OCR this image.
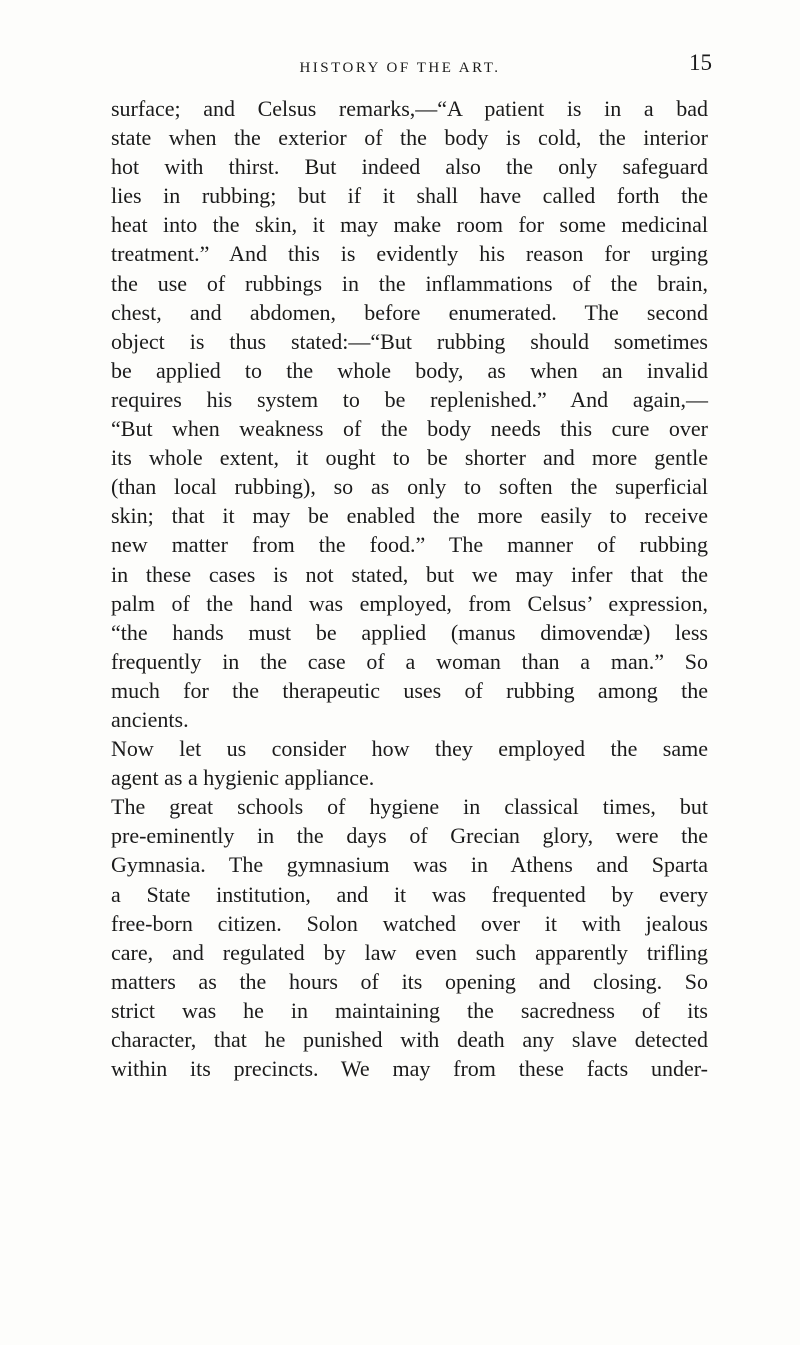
HISTORY OF THE ART.	15
surface; and Celsus remarks,—“A patient is in a bad
state when the exterior of the body is cold, the interior
hot with thirst. But indeed also the only safeguard
lies in rubbing; but if it shall have called forth the
heat into the skin, it may make room for some medicinal
treatment.” And this is evidently his reason for urging
the use of rubbings in the inflammations of the brain,
chest, and abdomen, before enumerated. The second
object is thus stated:—“But rubbing should sometimes
be applied to the whole body, as when an invalid
requires his system to be replenished.” And again,—
“But when weakness of the body needs this cure over
its whole extent, it ought to be shorter and more gentle
(than local rubbing), so as only to soften the superficial
skin; that it may be enabled the more easily to receive
new matter from the food.” The manner of rubbing
in these cases is not stated, but we may infer that the
palm of the hand was employed, from Celsus’ expression,
“the hands must be applied (manus dimovendæ) less
frequently in the case of a woman than a man.” So
much for the therapeutic uses of rubbing among the
ancients.
Now let us consider how they employed the same
agent as a hygienic appliance.
The great schools of hygiene in classical times, but
pre-eminently in the days of Grecian glory, were the
Gymnasia. The gymnasium was in Athens and Sparta
a State institution, and it was frequented by every
free-born citizen. Solon watched over it with jealous
care, and regulated by law even such apparently trifling
matters as the hours of its opening and closing. So
strict was he in maintaining the sacredness of its
character, that he punished with death any slave detected
within its precincts. We may from these facts under-
